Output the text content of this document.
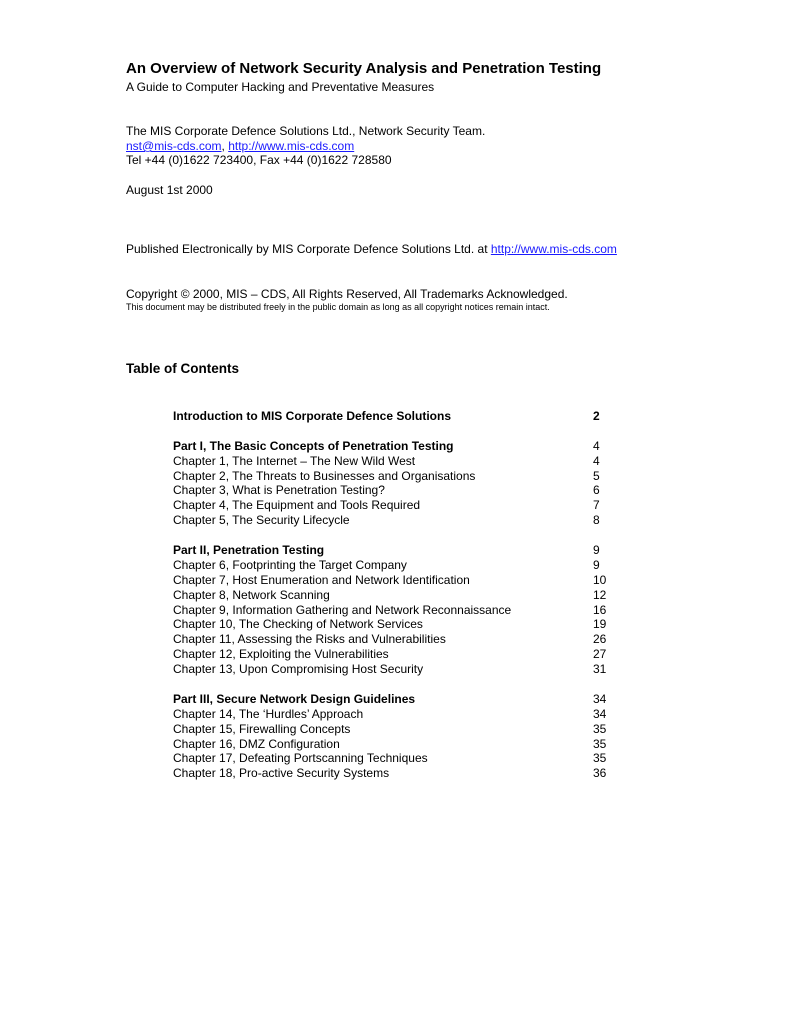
An Overview of Network Security Analysis and Penetration Testing
A Guide to Computer Hacking and Preventative Measures
The MIS Corporate Defence Solutions Ltd., Network Security Team.
nst@mis-cds.com, http://www.mis-cds.com
Tel +44 (0)1622 723400, Fax +44 (0)1622 728580
August 1st 2000
Published Electronically by MIS Corporate Defence Solutions Ltd. at http://www.mis-cds.com
Copyright © 2000, MIS – CDS, All Rights Reserved, All Trademarks Acknowledged.
This document may be distributed freely in the public domain as long as all copyright notices remain intact.
Table of Contents
Introduction to MIS Corporate Defence Solutions	2
Part I, The Basic Concepts of Penetration Testing	4
Chapter 1, The Internet – The New Wild West	4
Chapter 2, The Threats to Businesses and Organisations	5
Chapter 3, What is Penetration Testing?	6
Chapter 4, The Equipment and Tools Required	7
Chapter 5, The Security Lifecycle	8
Part II, Penetration Testing	9
Chapter 6, Footprinting the Target Company	9
Chapter 7, Host Enumeration and Network Identification	10
Chapter 8, Network Scanning	12
Chapter 9, Information Gathering and Network Reconnaissance	16
Chapter 10, The Checking of Network Services	19
Chapter 11, Assessing the Risks and Vulnerabilities	26
Chapter 12, Exploiting the Vulnerabilities	27
Chapter 13, Upon Compromising Host Security	31
Part III, Secure Network Design Guidelines	34
Chapter 14, The ‘Hurdles’ Approach	34
Chapter 15, Firewalling Concepts	35
Chapter 16, DMZ Configuration	35
Chapter 17, Defeating Portscanning Techniques	35
Chapter 18, Pro-active Security Systems	36
